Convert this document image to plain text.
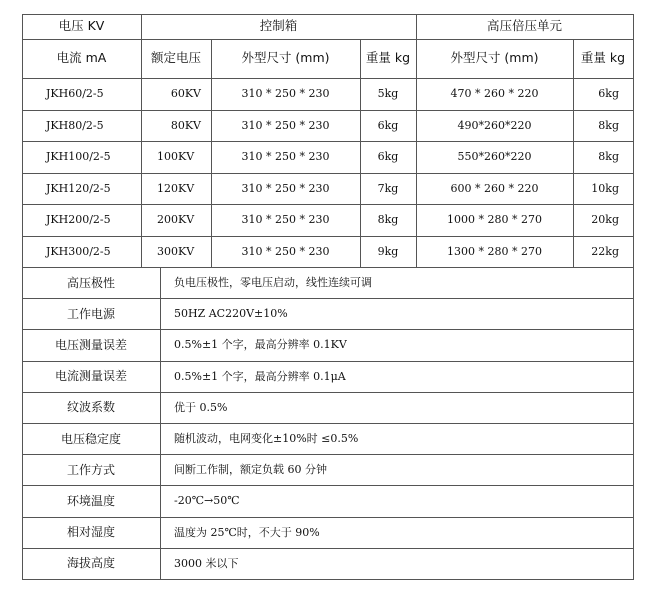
电压 KV	控制箱	高压倍压单元
电流 mA	额定电压	外型尺寸 (mm)	重量 kg	外型尺寸 (mm)	重量 kg
JKH60/2-5	60KV	310 * 250 * 230	5kg	470 * 260 * 220	6kg
JKH80/2-5	80KV	310 * 250 * 230	6kg	490*260*220	8kg
JKH100/2-5	100KV	310 * 250 * 230	6kg	550*260*220	8kg
JKH120/2-5	120KV	310 * 250 * 230	7kg	600 * 260 * 220	10kg
JKH200/2-5	200KV	310 * 250 * 230	8kg	1000 * 280 * 270	20kg
JKH300/2-5	300KV	310 * 250 * 230	9kg	1300 * 280 * 270	22kg
高压极性	负电压极性，零电压启动，线性连续可调
工作电源	50HZ AC220V±10%
电压测量误差	0.5%±1 个字，最高分辨率 0.1KV
电流测量误差	0.5%±1 个字，最高分辨率 0.1μA
纹波系数	优于 0.5%
电压稳定度	随机波动，电网变化±10%时 ≤0.5%
工作方式	间断工作制，额定负载 60 分钟
环境温度	-20℃→50℃
相对湿度	温度为 25℃时，不大于 90%
海拔高度	3000 米以下
